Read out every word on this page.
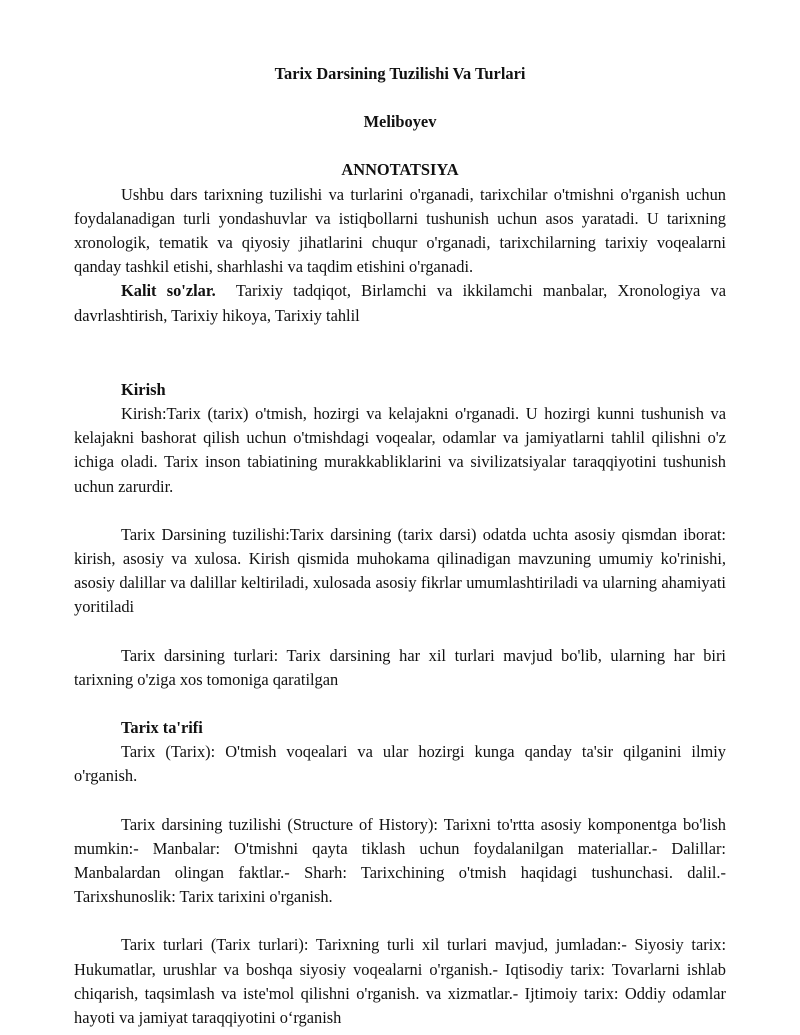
Tarix Darsining Tuzilishi Va Turlari
Meliboyev
ANNOTATSIYA

Ushbu dars tarixning tuzilishi va turlarini o'rganadi, tarixchilar o'tmishni o'rganish uchun foydalanadigan turli yondashuvlar va istiqbollarni tushunish uchun asos yaratadi. U tarixning xronologik, tematik va qiyosiy jihatlarini chuqur o'rganadi, tarixchilarning tarixiy voqealarni qanday tashkil etishi, sharhlashi va taqdim etishini o'rganadi.

Kalit so'zlar. Tarixiy tadqiqot, Birlamchi va ikkilamchi manbalar, Xronologiya va davrlashtirish, Tarixiy hikoya, Tarixiy tahlil

Kirish

Kirish:Tarix (tarix) o'tmish, hozirgi va kelajakni o'rganadi. U hozirgi kunni tushunish va kelajakni bashorat qilish uchun o'tmishdagi voqealar, odamlar va jamiyatlarni tahlil qilishni o'z ichiga oladi. Tarix inson tabiatining murakkabliklarini va sivilizatsiyalar taraqqiyotini tushunish uchun zarurdir.

Tarix Darsining tuzilishi:Tarix darsining (tarix darsi) odatda uchta asosiy qismdan iborat: kirish, asosiy va xulosa. Kirish qismida muhokama qilinadigan mavzuning umumiy ko'rinishi, asosiy dalillar va dalillar keltiriladi, xulosada asosiy fikrlar umumlashtiriladi va ularning ahamiyati yoritiladi

Tarix darsining turlari: Tarix darsining har xil turlari mavjud bo'lib, ularning har biri tarixning o'ziga xos tomoniga qaratilgan

Tarix ta'rifi

Tarix (Tarix): O'tmish voqealari va ular hozirgi kunga qanday ta'sir qilganini ilmiy o'rganish.

Tarix darsining tuzilishi (Structure of History): Tarixni to'rtta asosiy komponentga bo'lish mumkin:- Manbalar: O'tmishni qayta tiklash uchun foydalanilgan materiallar.- Dalillar: Manbalardan olingan faktlar.- Sharh: Tarixchining o'tmish haqidagi tushunchasi. dalil.- Tarixshunoslik: Tarix tarixini o'rganish.

Tarix turlari (Tarix turlari): Tarixning turli xil turlari mavjud, jumladan:- Siyosiy tarix: Hukumatlar, urushlar va boshqa siyosiy voqealarni o'rganish.- Iqtisodiy tarix: Tovarlarni ishlab chiqarish, taqsimlash va iste'mol qilishni o'rganish. va xizmatlar.- Ijtimoiy tarix: Oddiy odamlar hayoti va jamiyat taraqqiyotini o‘rganish
